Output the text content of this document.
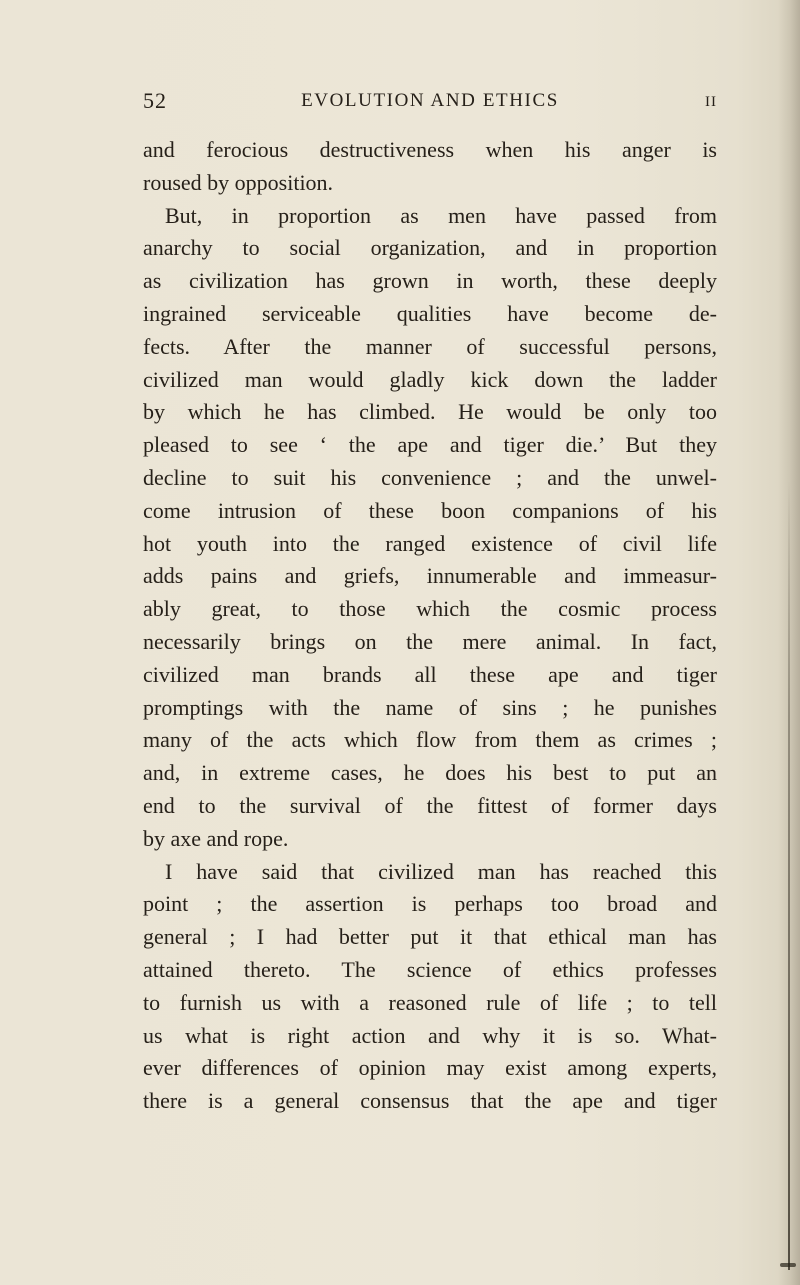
52	EVOLUTION AND ETHICS	II
and ferocious destructiveness when his anger is
roused by opposition.
But, in proportion as men have passed from
anarchy to social organization, and in proportion
as civilization has grown in worth, these deeply
ingrained serviceable qualities have become de-
fects. After the manner of successful persons,
civilized man would gladly kick down the ladder
by which he has climbed. He would be only too
pleased to see ‘ the ape and tiger die.’ But they
decline to suit his convenience ; and the unwel-
come intrusion of these boon companions of his
hot youth into the ranged existence of civil life
adds pains and griefs, innumerable and immeasur-
ably great, to those which the cosmic process
necessarily brings on the mere animal. In fact,
civilized man brands all these ape and tiger
promptings with the name of sins ; he punishes
many of the acts which flow from them as crimes ;
and, in extreme cases, he does his best to put an
end to the survival of the fittest of former days
by axe and rope.
I have said that civilized man has reached this
point ; the assertion is perhaps too broad and
general ; I had better put it that ethical man has
attained thereto. The science of ethics professes
to furnish us with a reasoned rule of life ; to tell
us what is right action and why it is so. What-
ever differences of opinion may exist among experts,
there is a general consensus that the ape and tiger
